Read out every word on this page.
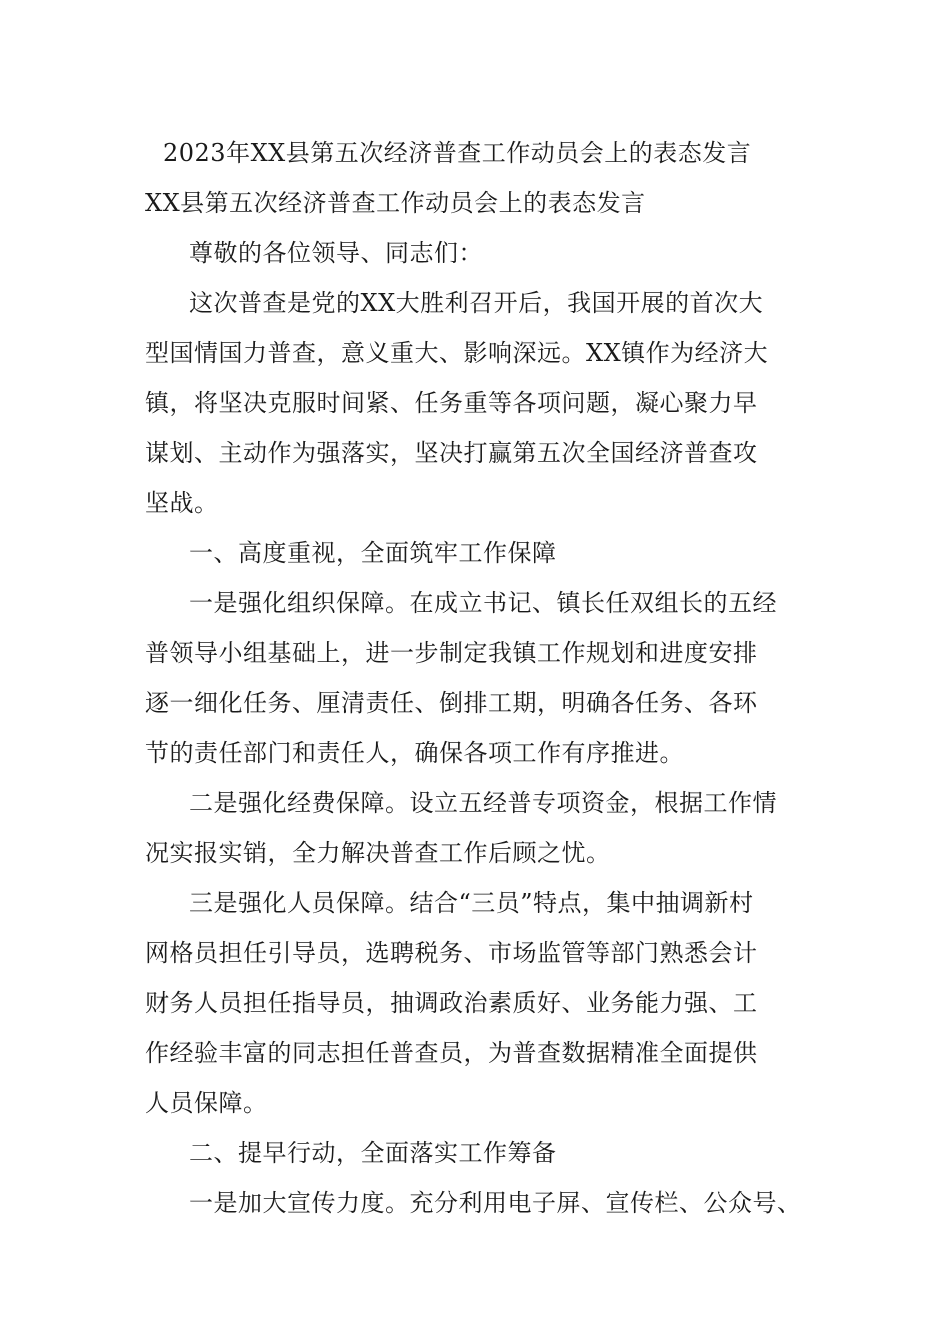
2023年XX县第五次经济普查工作动员会上的表态发言
XX县第五次经济普查工作动员会上的表态发言
尊敬的各位领导、同志们：
这次普查是党的XX大胜利召开后，我国开展的首次大
型国情国力普查，意义重大、影响深远。XX镇作为经济大
镇，将坚决克服时间紧、任务重等各项问题，凝心聚力早
谋划、主动作为强落实，坚决打赢第五次全国经济普查攻
坚战。
一、高度重视，全面筑牢工作保障
一是强化组织保障。在成立书记、镇长任双组长的五经
普领导小组基础上，进一步制定我镇工作规划和进度安排
逐一细化任务、厘清责任、倒排工期，明确各任务、各环
节的责任部门和责任人，确保各项工作有序推进。
二是强化经费保障。设立五经普专项资金，根据工作情
况实报实销，全力解决普查工作后顾之忧。
三是强化人员保障。结合“三员”特点，集中抽调新村
网格员担任引导员，选聘税务、市场监管等部门熟悉会计
财务人员担任指导员，抽调政治素质好、业务能力强、工
作经验丰富的同志担任普查员，为普查数据精准全面提供
人员保障。
二、提早行动，全面落实工作筹备
一是加大宣传力度。充分利用电子屏、宣传栏、公众号、
